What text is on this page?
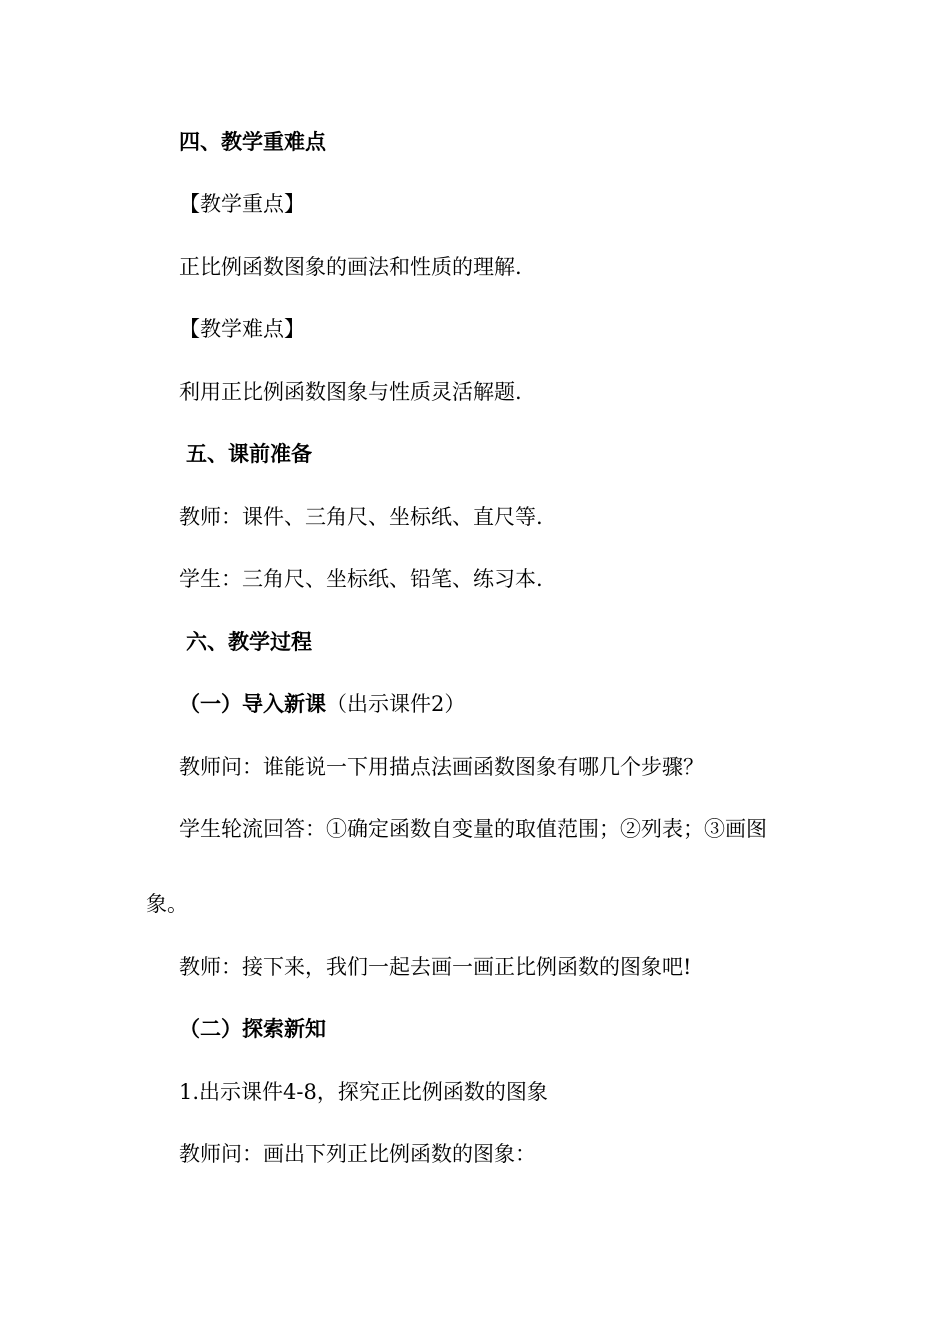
四、教学重难点

【教学重点】

正比例函数图象的画法和性质的理解.

【教学难点】

利用正比例函数图象与性质灵活解题.

五、课前准备

教师：课件、三角尺、坐标纸、直尺等.

学生：三角尺、坐标纸、铅笔、练习本.

六、教学过程

（一）导入新课（出示课件2）

教师问：谁能说一下用描点法画函数图象有哪几个步骤？

学生轮流回答：①确定函数自变量的取值范围；②列表；③画图

象。

教师：接下来，我们一起去画一画正比例函数的图象吧!

（二）探索新知

1.出示课件4-8，探究正比例函数的图象

教师问：画出下列正比例函数的图象：
